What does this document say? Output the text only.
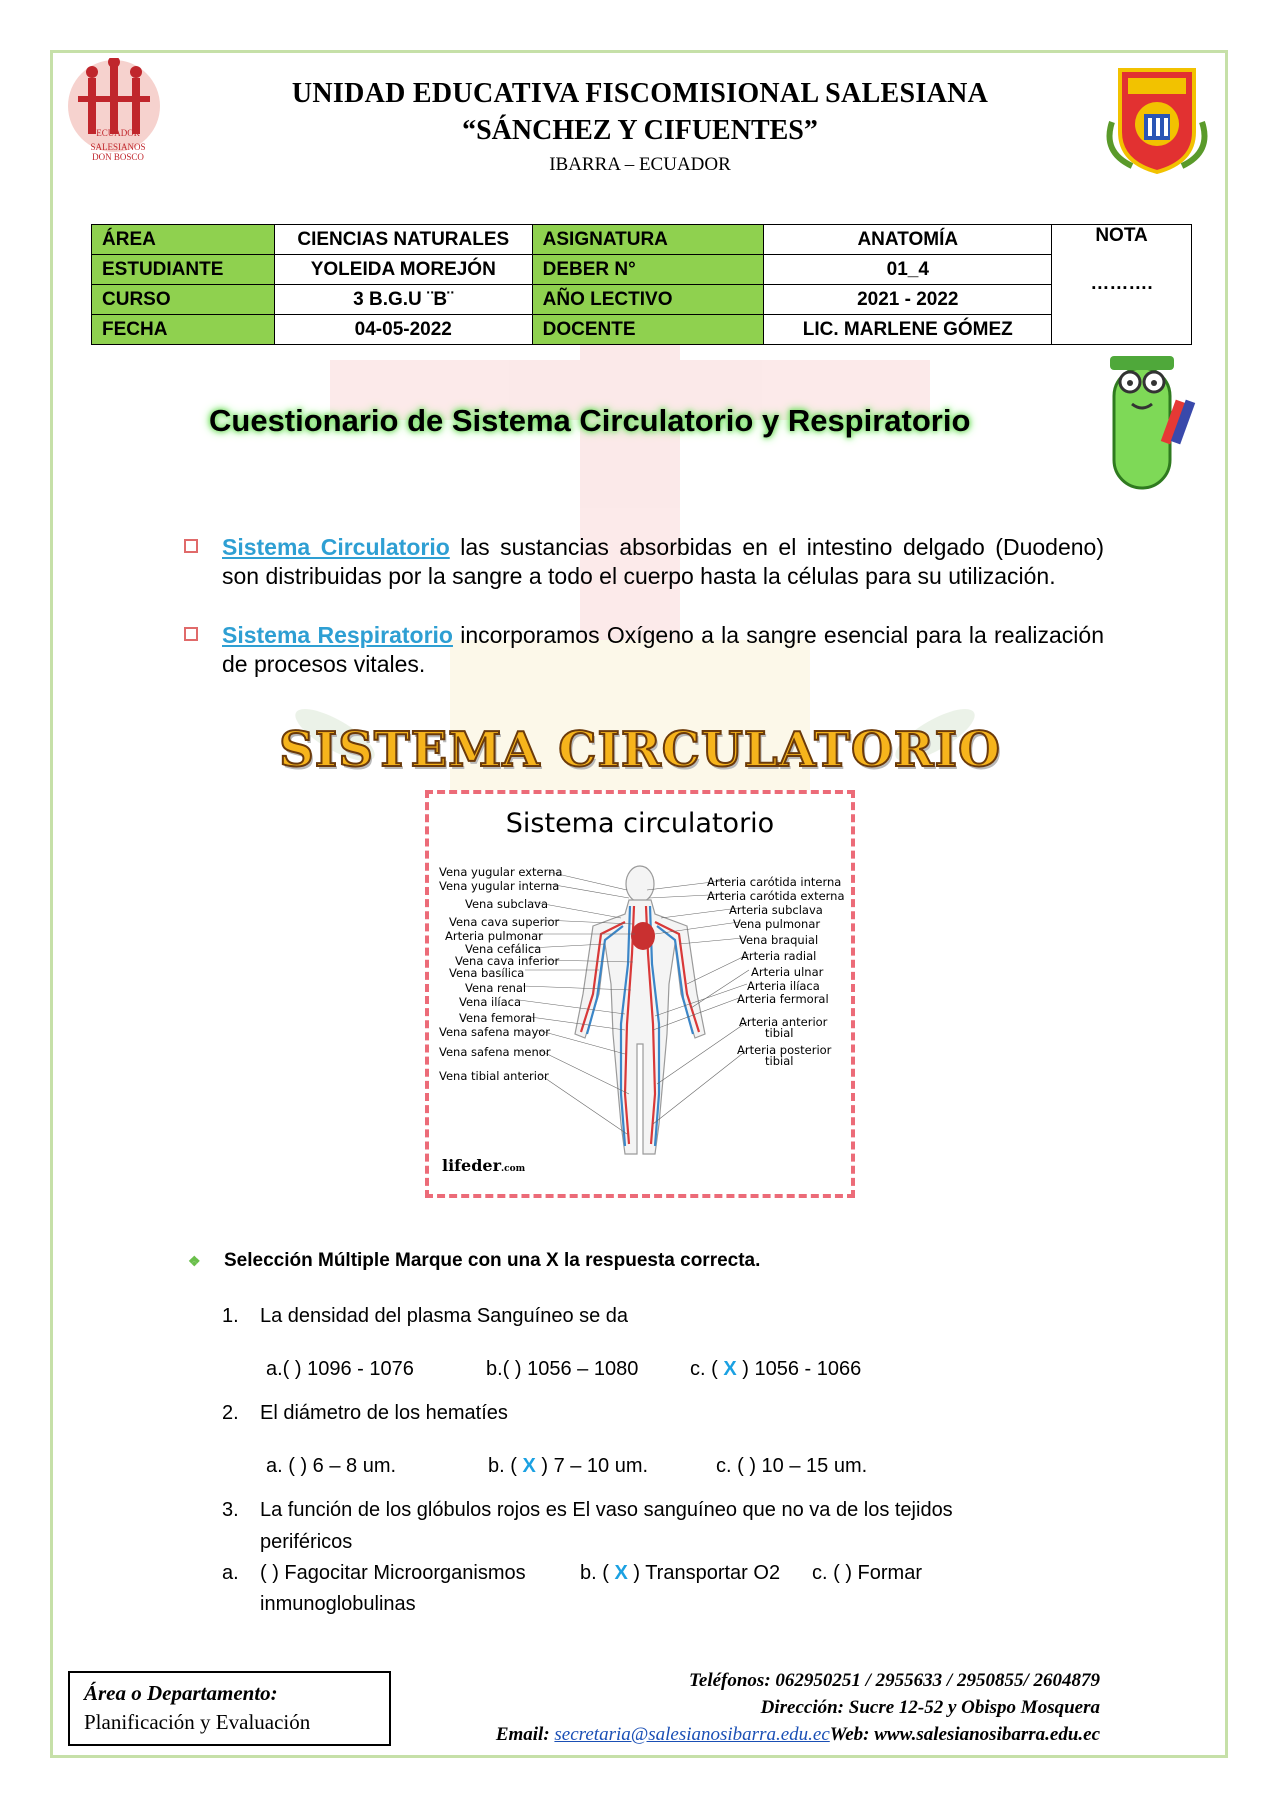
ECUADOR
SALESIANOS
DON BOSCO
UNIDAD EDUCATIVA FISCOMISIONAL SALESIANA
“SÁNCHEZ Y CIFUENTES”
IBARRA – ECUADOR
ÁREA	CIENCIAS NATURALES	ASIGNATURA	ANATOMÍA	NOTA
……….

ESTUDIANTE	YOLEIDA MOREJÓN	DEBER N°	01_4	
CURSO	3 B.G.U ¨B¨	AÑO LECTIVO	2021 - 2022	
FECHA	04-05-2022	DOCENTE	LIC. MARLENE GÓMEZ	
Cuestionario de Sistema Circulatorio y Respiratorio
Sistema Circulatorio las sustancias absorbidas en el intestino delgado (Duodeno) son distribuidas por la sangre a todo el cuerpo hasta la células para su utilización.
Sistema Respiratorio incorporamos Oxígeno a la sangre esencial para la realización de procesos vitales.
SISTEMA CIRCULATORIO
Sistema circulatorio
Vena yugular externa
Vena yugular interna
Vena subclava
Vena cava superior
Arteria pulmonar
Vena cefálica
Vena cava inferior
Vena basílica
Vena renal
Vena ilíaca
Vena femoral
Vena safena mayor
Vena safena menor
Vena tibial anterior
Arteria carótida interna
Arteria carótida externa
Arteria subclava
Vena pulmonar
Vena braquial
Arteria radial
Arteria ulnar
Arteria ilíaca
Arteria fermoral
Arteria anterior
tibial
Arteria posterior
tibial
lifeder.com
❖ Selección Múltiple Marque con una X la respuesta correcta.
1. La densidad del plasma Sanguíneo se da
a.( ) 1096 - 1076	b.( ) 1056 – 1080	c. ( X ) 1056 - 1066
2. El diámetro de los hematíes
a. ( ) 6 – 8 um.	b. ( X ) 7 – 10 um.	c. ( ) 10 – 15 um.
3. La función de los glóbulos rojos es El vaso sanguíneo que no va de los tejidos periféricos
a. ( ) Fagocitar Microorganismos	b. ( X ) Transportar O2 c. ( ) Formar
inmunoglobulinas
Área o Departamento:
Planificación y Evaluación
Teléfonos: 062950251 / 2955633 / 2950855/ 2604879
Dirección: Sucre 12-52 y Obispo Mosquera
Email: secretaria@salesianosibarra.edu.ecWeb: www.salesianosibarra.edu.ec
